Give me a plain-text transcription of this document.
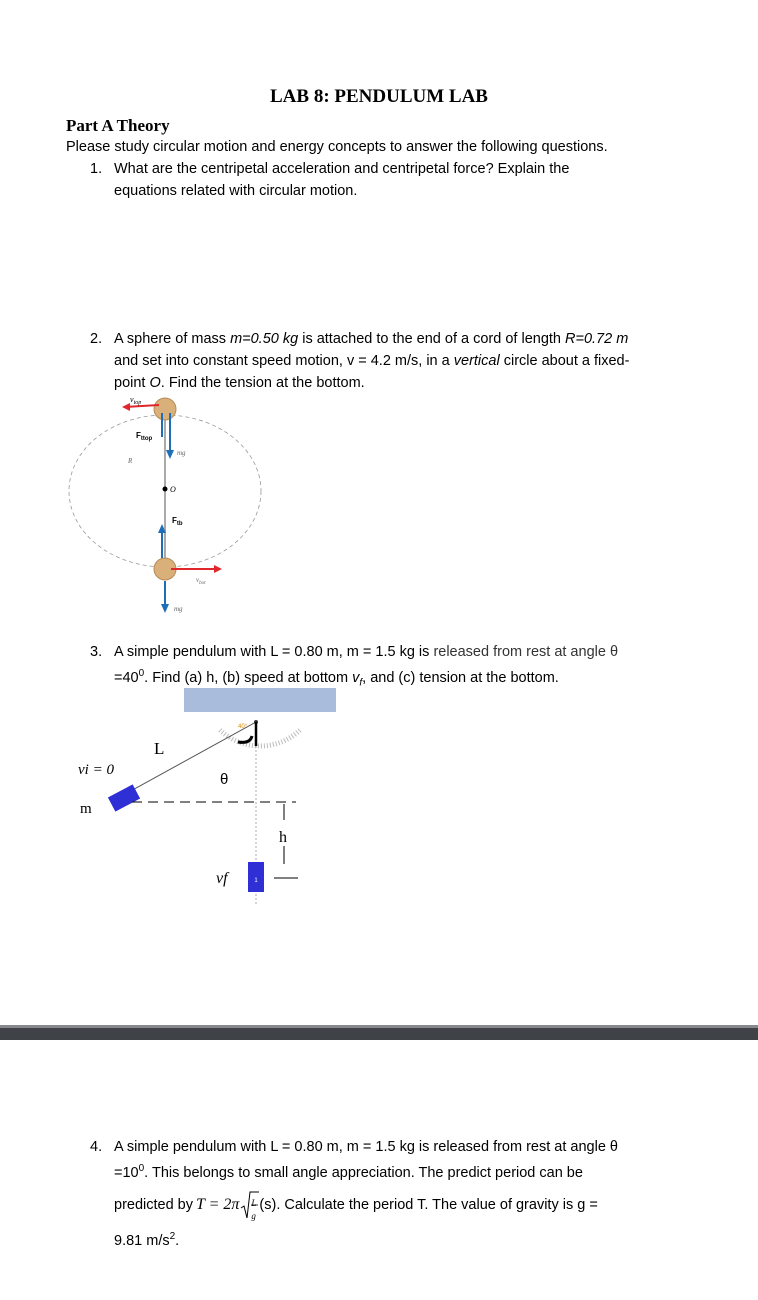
LAB 8: PENDULUM LAB
Part A Theory
Please study circular motion and energy concepts to answer the following questions.
1. What are the centripetal acceleration and centripetal force? Explain the
equations related with circular motion.
2. A sphere of mass m=0.50 kg is attached to the end of a cord of length R=0.72 m
and set into constant speed motion, v = 4.2 m/s, in a vertical circle about a fixed-
point O. Find the tension at the bottom.
$v_{top}$
$F_{ttop}$
mg
R
O
$F_{tb}$
$v_{bot}$
mg
3. A simple pendulum with L = 0.80 m, m = 1.5 kg is released from rest at angle θ
$=40^0$. Find (a) h, (b) speed at bottom $v_f$, and (c) tension at the bottom.
40°
L
θ
vi = 0
m
h
vf	1
4. A simple pendulum with L = 0.80 m, m = 1.5 kg is released from rest at angle θ
$=10^0$. This belongs to small angle appreciation. The predict period can be
predicted by T = 2π L
g
(s). Calculate the period T. The value of gravity is g =
9.81 $m/s^2$.
